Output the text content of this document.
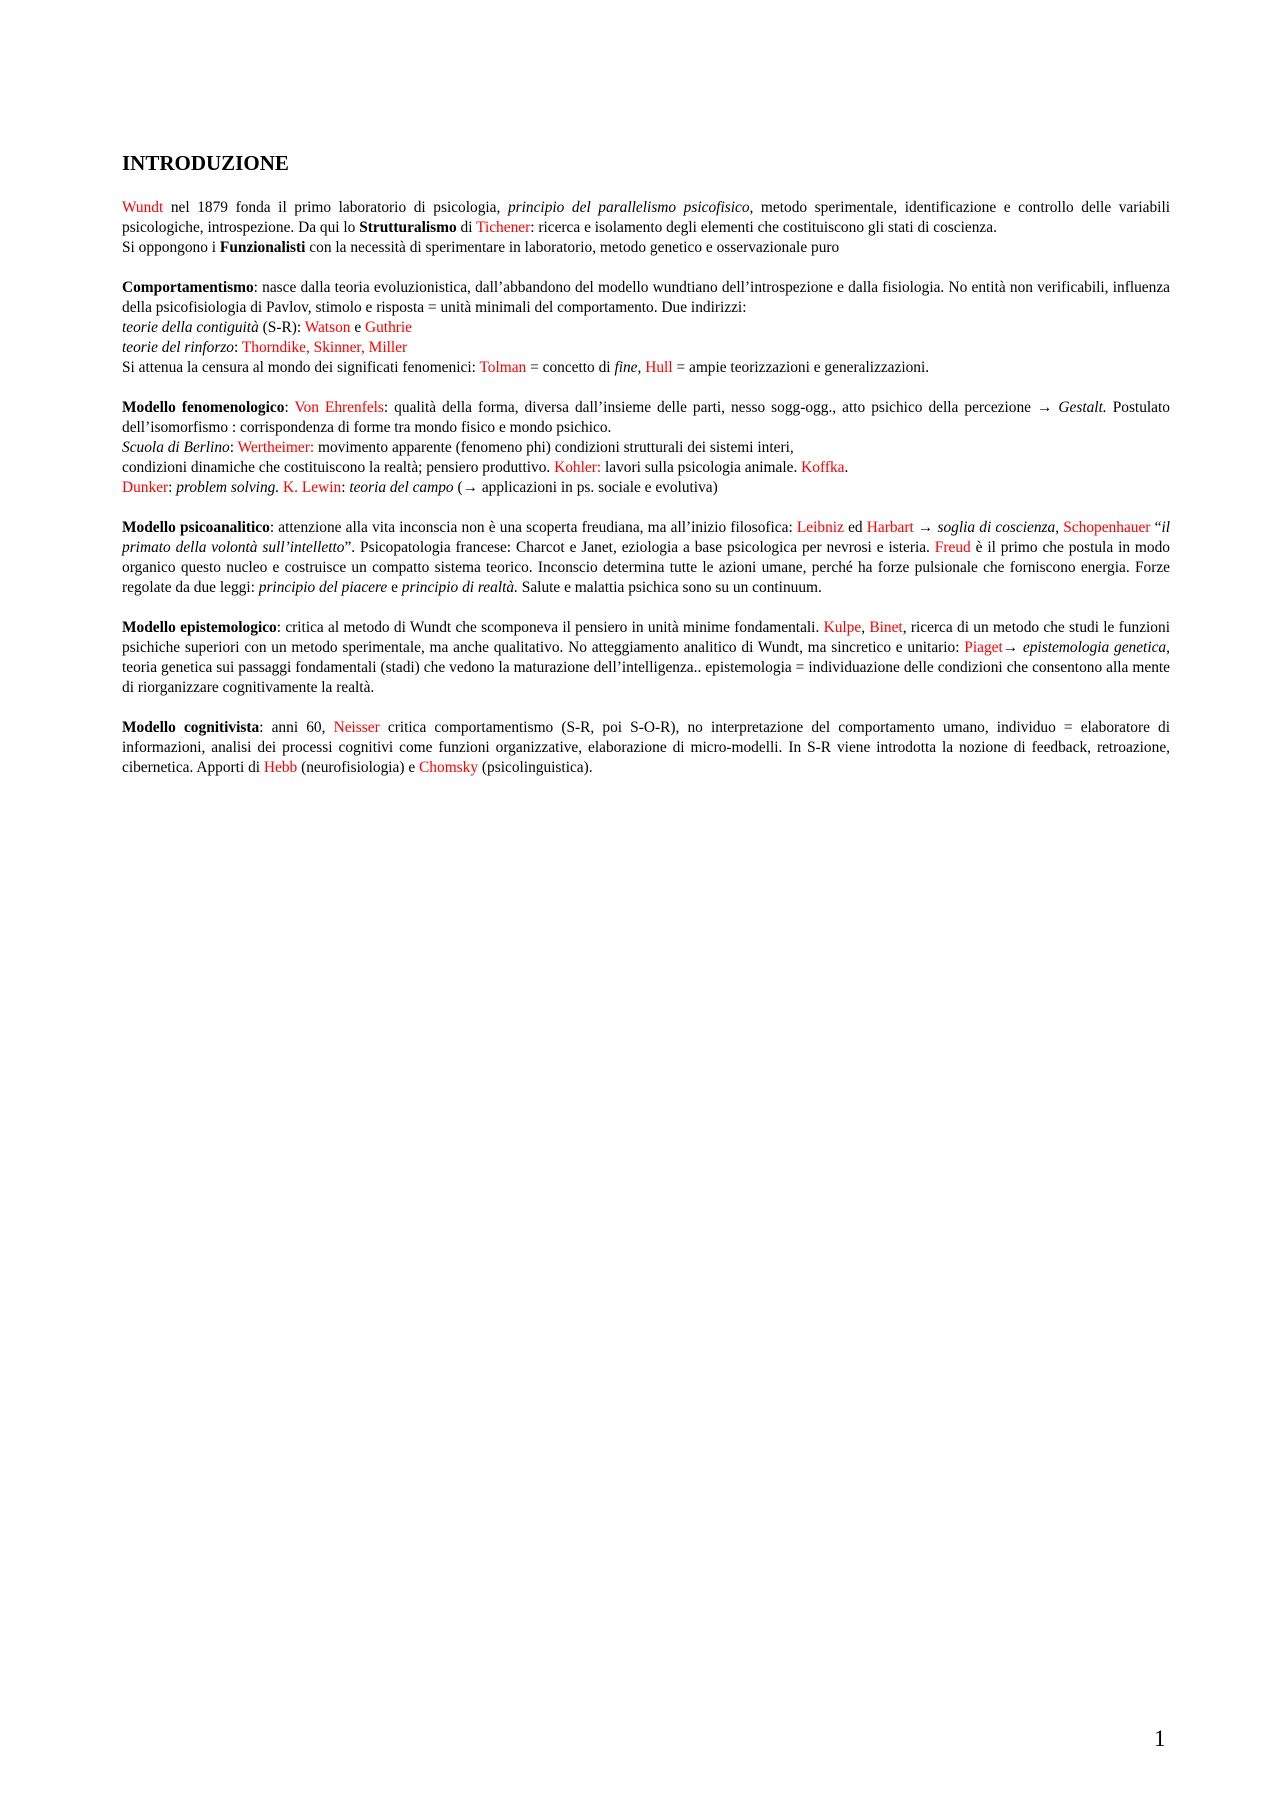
INTRODUZIONE
Wundt nel 1879 fonda il primo laboratorio di psicologia, principio del parallelismo psicofisico, metodo sperimentale, identificazione e controllo delle variabili psicologiche, introspezione. Da qui lo Strutturalismo di Tichener: ricerca e isolamento degli elementi che costituiscono gli stati di coscienza.
Si oppongono i Funzionalisti con la necessità di sperimentare in laboratorio, metodo genetico e osservazionale puro
Comportamentismo: nasce dalla teoria evoluzionistica, dall’abbandono del modello wundtiano dell’introspezione e dalla fisiologia. No entità non verificabili, influenza della psicofisiologia di Pavlov, stimolo e risposta = unità minimali del comportamento. Due indirizzi:
teorie della contiguità (S-R): Watson e Guthrie
teorie del rinforzo: Thorndike, Skinner, Miller
Si attenua la censura al mondo dei significati fenomenici: Tolman = concetto di fine, Hull = ampie teorizzazioni e generalizzazioni.
Modello fenomenologico: Von Ehrenfels: qualità della forma, diversa dall’insieme delle parti, nesso sogg-ogg., atto psichico della percezione → Gestalt. Postulato dell’isomorfismo : corrispondenza di forme tra mondo fisico e mondo psichico.
Scuola di Berlino: Wertheimer: movimento apparente (fenomeno phi) condizioni strutturali dei sistemi interi,
condizioni dinamiche che costituiscono la realtà; pensiero produttivo. Kohler: lavori sulla psicologia animale. Koffka.
Dunker: problem solving. K. Lewin: teoria del campo (→ applicazioni in ps. sociale e evolutiva)
Modello psicoanalitico: attenzione alla vita inconscia non è una scoperta freudiana, ma all’inizio filosofica: Leibniz ed Harbart → soglia di coscienza, Schopenhauer “il primato della volontà sull’intelletto”. Psicopatologia francese: Charcot e Janet, eziologia a base psicologica per nevrosi e isteria. Freud è il primo che postula in modo organico questo nucleo e costruisce un compatto sistema teorico. Inconscio determina tutte le azioni umane, perché ha forze pulsionale che forniscono energia. Forze regolate da due leggi: principio del piacere e principio di realtà. Salute e malattia psichica sono su un continuum.
Modello epistemologico: critica al metodo di Wundt che scomponeva il pensiero in unità minime fondamentali. Kulpe, Binet, ricerca di un metodo che studi le funzioni psichiche superiori con un metodo sperimentale, ma anche qualitativo. No atteggiamento analitico di Wundt, ma sincretico e unitario: Piaget→ epistemologia genetica, teoria genetica sui passaggi fondamentali (stadi) che vedono la maturazione dell’intelligenza.. epistemologia = individuazione delle condizioni che consentono alla mente di riorganizzare cognitivamente la realtà.
Modello cognitivista: anni 60, Neisser critica comportamentismo (S-R, poi S-O-R), no interpretazione del comportamento umano, individuo = elaboratore di informazioni, analisi dei processi cognitivi come funzioni organizzative, elaborazione di micro-modelli. In S-R viene introdotta la nozione di feedback, retroazione, cibernetica. Apporti di Hebb (neurofisiologia) e Chomsky (psicolinguistica).
1
